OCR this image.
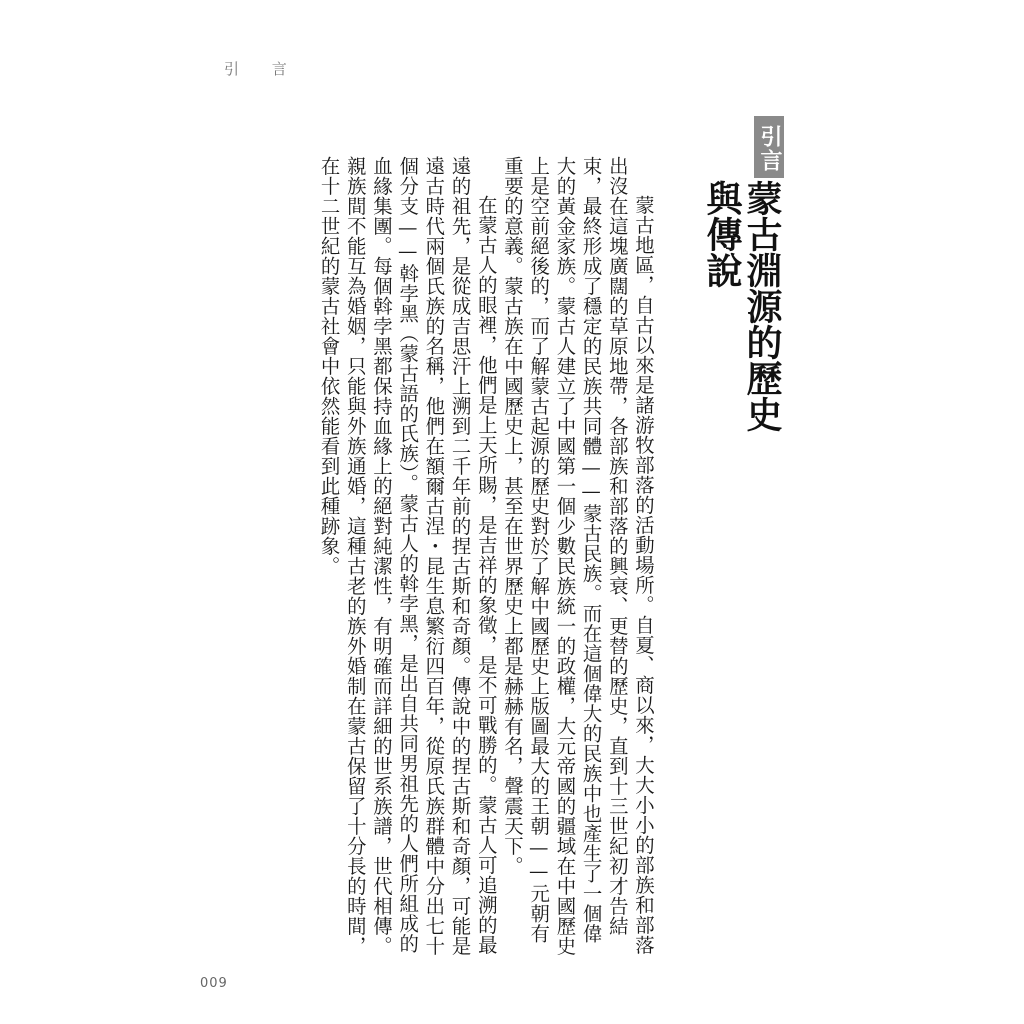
引 言
引言
蒙古淵源的歷史與傳說

蒙古地區，自古以來是諸游牧部落的活動場所。自夏、商以來，大大小小的部族和部落出沒在這塊廣闊的草原地帶，各部族和部落的興衰、更替的歷史，直到十三世紀初才告結束，最終形成了穩定的民族共同體——蒙古民族。而在這個偉大的民族中也產生了一個偉大的黃金家族。蒙古人建立了中國第一個少數民族統一的政權，大元帝國的疆域在中國歷史上是空前絕後的，而了解蒙古起源的歷史對於了解中國歷史上版圖最大的王朝——元朝有重要的意義。蒙古族在中國歷史上，甚至在世界歷史上都是赫赫有名，聲震天下。

在蒙古人的眼裡，他們是上天所賜，是吉祥的象徵，是不可戰勝的。蒙古人可追溯的最遠的祖先，是從成吉思汗上溯到二千年前的捏古斯和奇顏。傳說中的捏古斯和奇顏，可能是遠古時代兩個氏族的名稱，他們在額爾古涅・昆生息繁衍四百年，從原氏族群體中分出七十個分支——斡孛黑（蒙古語的氏族）。蒙古人的斡孛黑，是出自共同男祖先的人們所組成的血緣集團。每個斡孛黑都保持血緣上的絕對純潔性，有明確而詳細的世系族譜，世代相傳。親族間不能互為婚姻，只能與外族通婚，這種古老的族外婚制在蒙古保留了十分長的時間，在十二世紀的蒙古社會中依然能看到此種跡象。

009
